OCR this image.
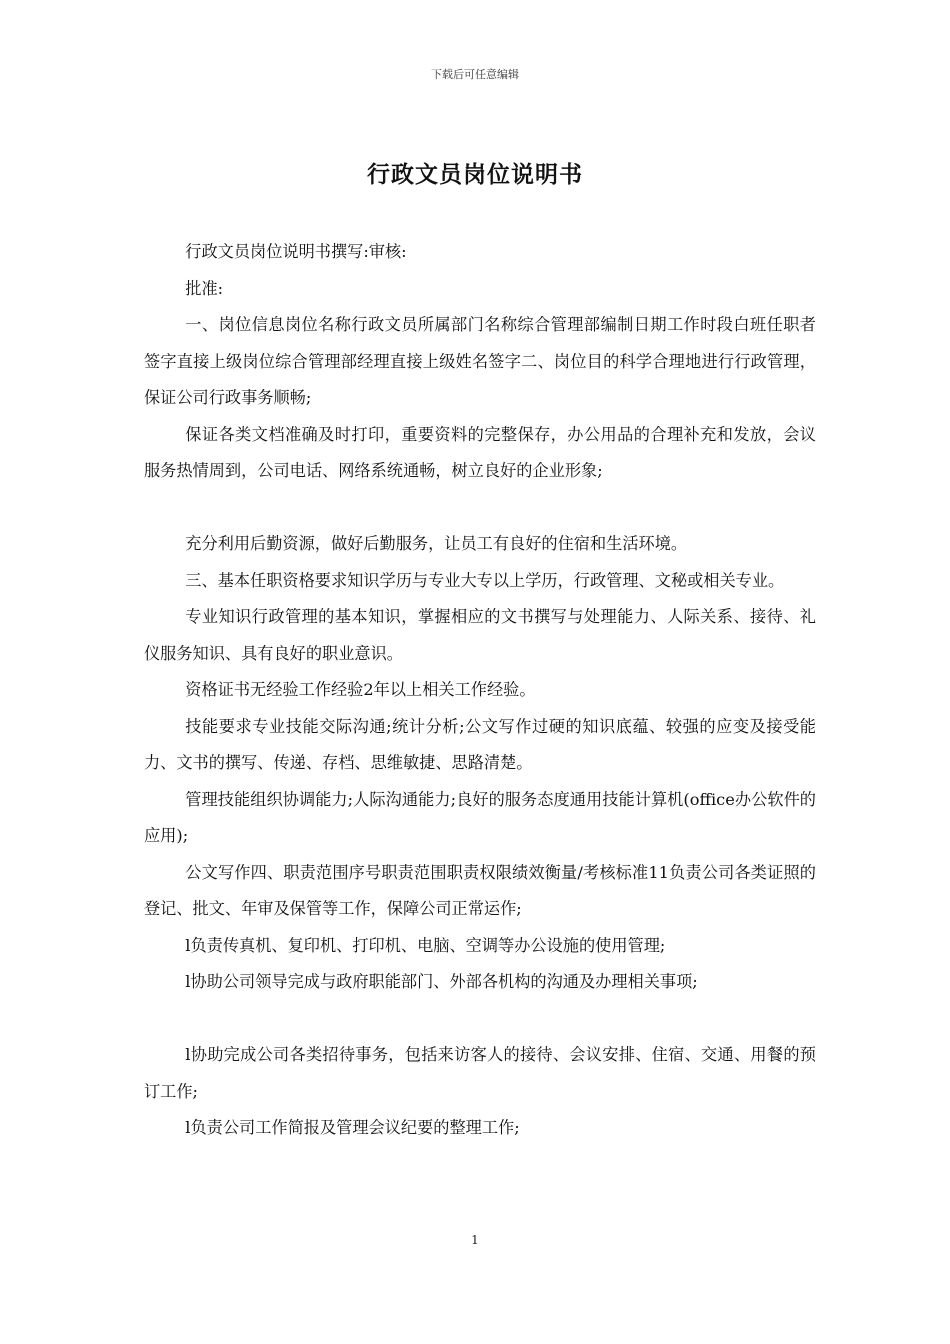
下载后可任意编辑
行政文员岗位说明书

行政文员岗位说明书撰写:审核:

批准:

一、岗位信息岗位名称行政文员所属部门名称综合管理部编制日期工作时段白班任职者签字直接上级岗位综合管理部经理直接上级姓名签字二、岗位目的科学合理地进行行政管理，保证公司行政事务顺畅;

保证各类文档准确及时打印，重要资料的完整保存，办公用品的合理补充和发放，会议服务热情周到，公司电话、网络系统通畅，树立良好的企业形象;

充分利用后勤资源，做好后勤服务，让员工有良好的住宿和生活环境。

三、基本任职资格要求知识学历与专业大专以上学历，行政管理、文秘或相关专业。

专业知识行政管理的基本知识，掌握相应的文书撰写与处理能力、人际关系、接待、礼仪服务知识、具有良好的职业意识。

资格证书无经验工作经验2年以上相关工作经验。

技能要求专业技能交际沟通;统计分析;公文写作过硬的知识底蕴、较强的应变及接受能力、文书的撰写、传递、存档、思维敏捷、思路清楚。

管理技能组织协调能力;人际沟通能力;良好的服务态度通用技能计算机(office办公软件的应用);

公文写作四、职责范围序号职责范围职责权限绩效衡量/考核标准11负责公司各类证照的登记、批文、年审及保管等工作，保障公司正常运作;

l负责传真机、复印机、打印机、电脑、空调等办公设施的使用管理;

l协助公司领导完成与政府职能部门、外部各机构的沟通及办理相关事项;

l协助完成公司各类招待事务，包括来访客人的接待、会议安排、住宿、交通、用餐的预订工作;

l负责公司工作简报及管理会议纪要的整理工作;

1
